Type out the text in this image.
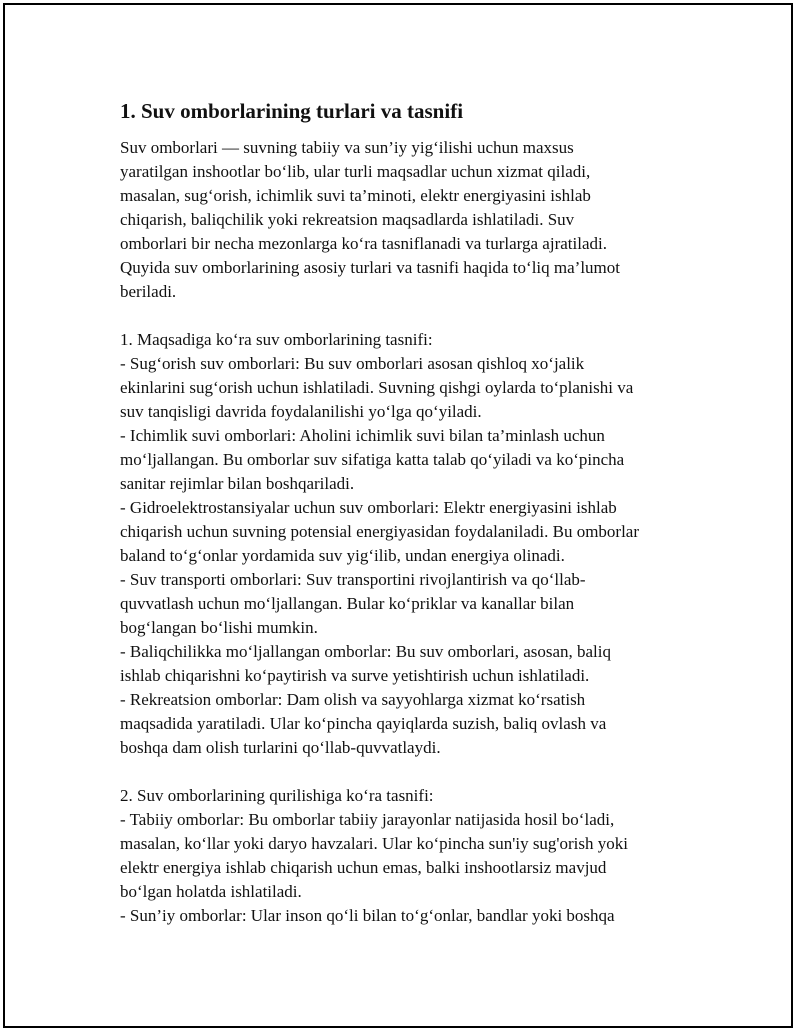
1. Suv omborlarining turlari va tasnifi

Suv omborlari — suvning tabiiy va sun’iy yig‘ilishi uchun maxsus
yaratilgan inshootlar bo‘lib, ular turli maqsadlar uchun xizmat qiladi,
masalan, sug‘orish, ichimlik suvi ta’minoti, elektr energiyasini ishlab
chiqarish, baliqchilik yoki rekreatsion maqsadlarda ishlatiladi. Suv
omborlari bir necha mezonlarga ko‘ra tasniflanadi va turlarga ajratiladi.
Quyida suv omborlarining asosiy turlari va tasnifi haqida to‘liq ma’lumot
beriladi.

1. Maqsadiga ko‘ra suv omborlarining tasnifi:

- Sug‘orish suv omborlari: Bu suv omborlari asosan qishloq xo‘jalik
ekinlarini sug‘orish uchun ishlatiladi. Suvning qishgi oylarda to‘planishi va
suv tanqisligi davrida foydalanilishi yo‘lga qo‘yiladi.

- Ichimlik suvi omborlari: Aholini ichimlik suvi bilan ta’minlash uchun
mo‘ljallangan. Bu omborlar suv sifatiga katta talab qo‘yiladi va ko‘pincha
sanitar rejimlar bilan boshqariladi.

- Gidroelektrostansiyalar uchun suv omborlari: Elektr energiyasini ishlab
chiqarish uchun suvning potensial energiyasidan foydalaniladi. Bu omborlar
baland to‘g‘onlar yordamida suv yig‘ilib, undan energiya olinadi.

- Suv transporti omborlari: Suv transportini rivojlantirish va qo‘llab-
quvvatlash uchun mo‘ljallangan. Bular ko‘priklar va kanallar bilan
bog‘langan bo‘lishi mumkin.

- Baliqchilikka mo‘ljallangan omborlar: Bu suv omborlari, asosan, baliq
ishlab chiqarishni ko‘paytirish va surve yetishtirish uchun ishlatiladi.

- Rekreatsion omborlar: Dam olish va sayyohlarga xizmat ko‘rsatish
maqsadida yaratiladi. Ular ko‘pincha qayiqlarda suzish, baliq ovlash va
boshqa dam olish turlarini qo‘llab-quvvatlaydi.

2. Suv omborlarining qurilishiga ko‘ra tasnifi:

- Tabiiy omborlar: Bu omborlar tabiiy jarayonlar natijasida hosil bo‘ladi,
masalan, ko‘llar yoki daryo havzalari. Ular ko‘pincha sun'iy sug'orish yoki
elektr energiya ishlab chiqarish uchun emas, balki inshootlarsiz mavjud
bo‘lgan holatda ishlatiladi.

- Sun’iy omborlar: Ular inson qo‘li bilan to‘g‘onlar, bandlar yoki boshqa
